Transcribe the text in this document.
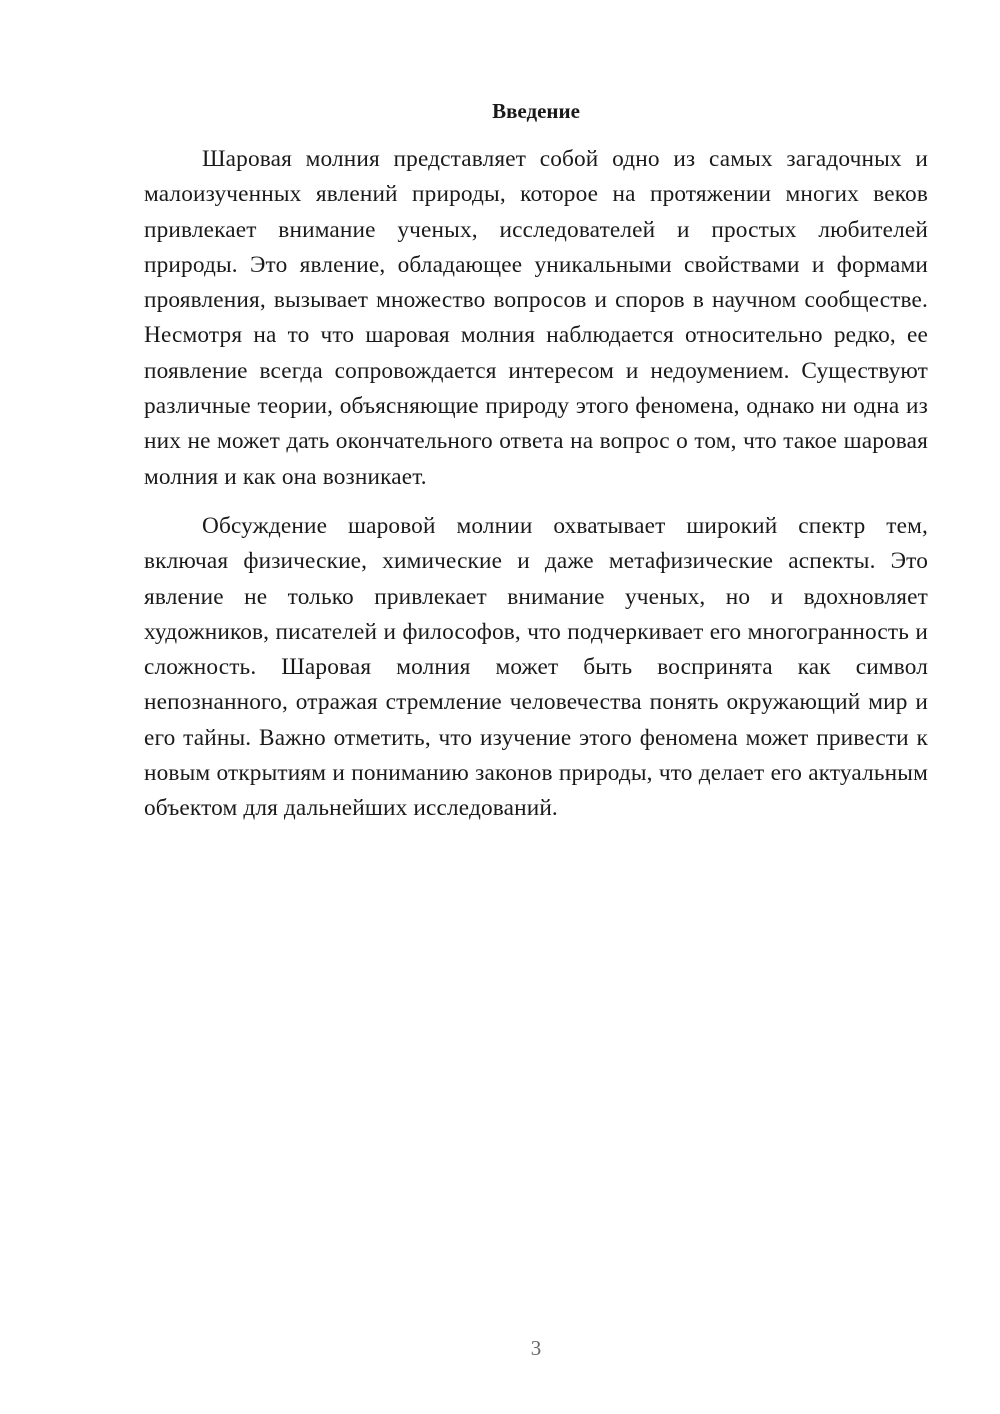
Введение

Шаровая молния представляет собой одно из самых загадочных и малоизученных явлений природы, которое на протяжении многих веков привлекает внимание ученых, исследователей и простых любителей природы. Это явление, обладающее уникальными свойствами и формами проявления, вызывает множество вопросов и споров в научном сообществе. Несмотря на то что шаровая молния наблюдается относительно редко, ее появление всегда сопровождается интересом и недоумением. Существуют различные теории, объясняющие природу этого феномена, однако ни одна из них не может дать окончательного ответа на вопрос о том, что такое шаровая молния и как она возникает.

Обсуждение шаровой молнии охватывает широкий спектр тем, включая физические, химические и даже метафизические аспекты. Это явление не только привлекает внимание ученых, но и вдохновляет художников, писателей и философов, что подчеркивает его многогранность и сложность. Шаровая молния может быть воспринята как символ непознанного, отражая стремление человечества понять окружающий мир и его тайны. Важно отметить, что изучение этого феномена может привести к новым открытиям и пониманию законов природы, что делает его актуальным объектом для дальнейших исследований.

3
